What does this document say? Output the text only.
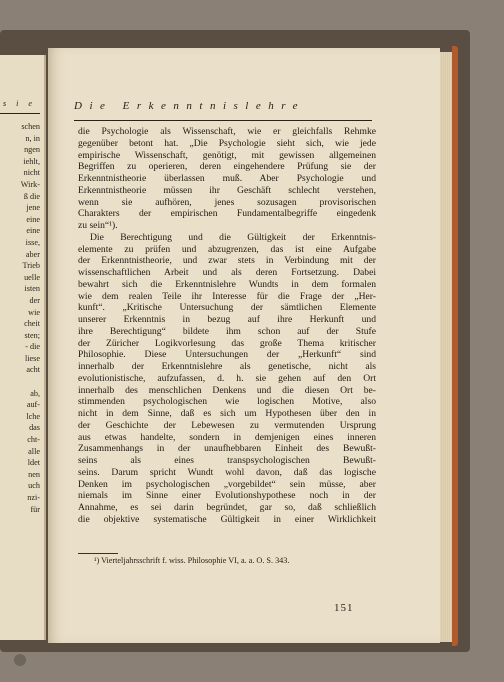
s i e
schen
n, in
ngen
iehlt,
nicht
Wirk-
ß die
jene
eine
eine
isse,
aber
Trieb
uelle
isten
der
wie
cheit
sten;
- die
liese
acht

ab,
auf-
lche
das
cht-
alle
ldet
nen
uch
nzi-
für
Die Erkenntnislehre
die Psychologie als Wissenschaft, wie er gleichfalls Rehmke
gegenüber betont hat. „Die Psychologie sieht sich, wie jede
empirische Wissenschaft, genötigt, mit gewissen allgemeinen
Begriffen zu operieren, deren eingehendere Prüfung sie der
Erkenntnistheorie überlassen muß. Aber Psychologie und
Erkenntnistheorie müssen ihr Geschäft schlecht verstehen,
wenn sie aufhören, jenes sozusagen provisorischen
Charakters der empirischen Fundamentalbegriffe eingedenk
zu sein“¹).
Die Berechtigung und die Gültigkeit der Erkenntnis-
elemente zu prüfen und abzugrenzen, das ist eine Aufgabe
der Erkenntnistheorie, und zwar stets in Verbindung mit der
wissenschaftlichen Arbeit und als deren Fortsetzung. Dabei
bewahrt sich die Erkenntnislehre Wundts in dem formalen
wie dem realen Teile ihr Interesse für die Frage der „Her-
kunft“. „Kritische Untersuchung der sämtlichen Elemente
unserer Erkenntnis in bezug auf ihre Herkunft und
ihre Berechtigung“ bildete ihm schon auf der Stufe
der Züricher Logikvorlesung das große Thema kritischer
Philosophie. Diese Untersuchungen der „Herkunft“ sind
innerhalb der Erkenntnislehre als genetische, nicht als
evolutionistische, aufzufassen, d. h. sie gehen auf den Ort
innerhalb des menschlichen Denkens und die diesen Ort be-
stimmenden psychologischen wie logischen Motive, also
nicht in dem Sinne, daß es sich um Hypothesen über den in
der Geschichte der Lebewesen zu vermutenden Ursprung
aus etwas handelte, sondern in demjenigen eines inneren
Zusammenhangs in der unaufhebbaren Einheit des Bewußt-
seins als eines transpsychologischen Bewußt-
seins. Darum spricht Wundt wohl davon, daß das logische
Denken im psychologischen „vorgebildet“ sein müsse, aber
niemals im Sinne einer Evolutionshypothese noch in der
Annahme, es sei darin begründet, gar so, daß schließlich
die objektive systematische Gültigkeit in einer Wirklichkeit
¹) Vierteljahrsschrift f. wiss. Philosophie VI, a. a. O. S. 343.
151
